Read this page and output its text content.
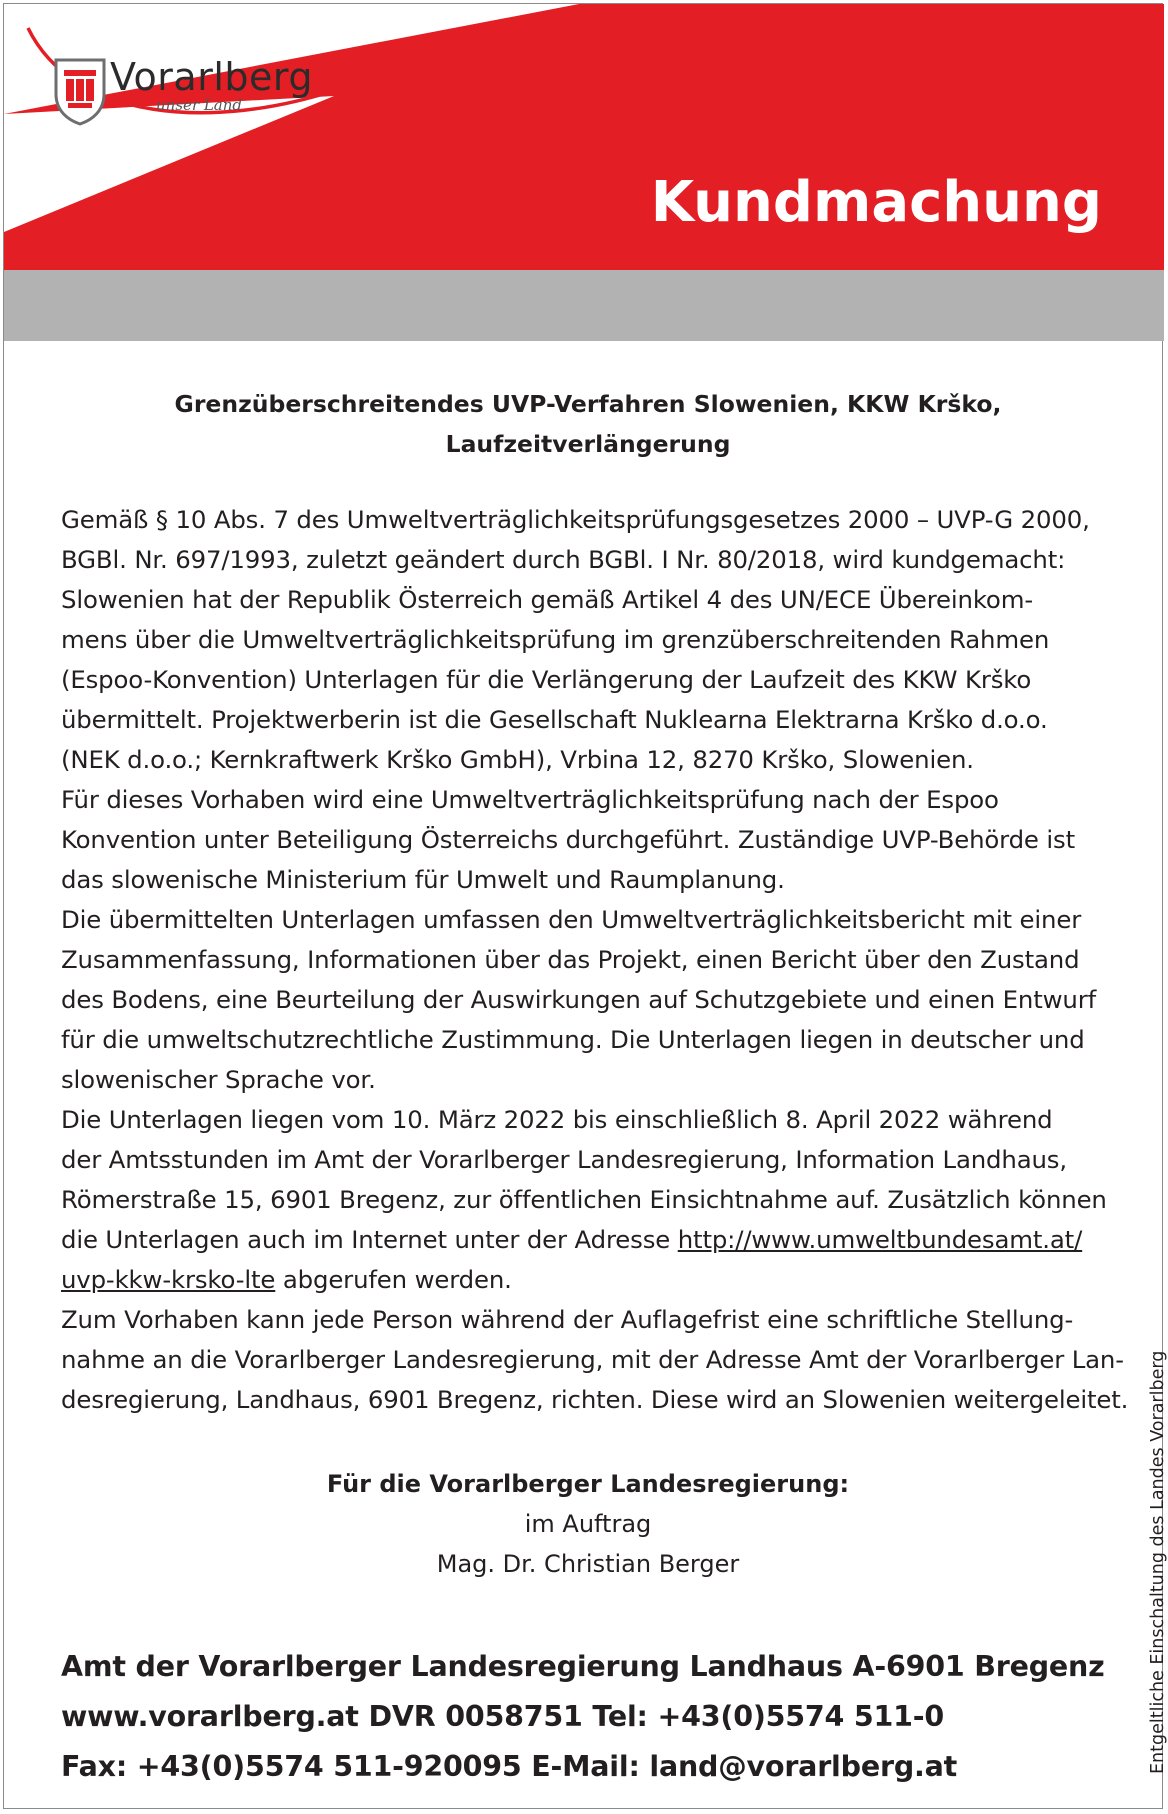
Vorarlberg
unser Land
Kundmachung
Grenzüberschreitendes UVP-Verfahren Slowenien, KKW Krško,
Laufzeitverlängerung
Gemäß § 10 Abs. 7 des Umweltverträglichkeitsprüfungsgesetzes 2000 – UVP-G 2000,
BGBl. Nr. 697/1993, zuletzt geändert durch BGBl. I Nr. 80/2018, wird kundgemacht:
Slowenien hat der Republik Österreich gemäß Artikel 4 des UN/ECE Übereinkom-
mens über die Umweltverträglichkeitsprüfung im grenzüberschreitenden Rahmen
(Espoo-Konvention) Unterlagen für die Verlängerung der Laufzeit des KKW Krško
übermittelt. Projektwerberin ist die Gesellschaft Nuklearna Elektrarna Krško d.o.o.
(NEK d.o.o.; Kernkraftwerk Krško GmbH), Vrbina 12, 8270 Krško, Slowenien.
Für dieses Vorhaben wird eine Umweltverträglichkeitsprüfung nach der Espoo
Konvention unter Beteiligung Österreichs durchgeführt. Zuständige UVP-Behörde ist
das slowenische Ministerium für Umwelt und Raumplanung.
Die übermittelten Unterlagen umfassen den Umweltverträglichkeitsbericht mit einer
Zusammenfassung, Informationen über das Projekt, einen Bericht über den Zustand
des Bodens, eine Beurteilung der Auswirkungen auf Schutzgebiete und einen Entwurf
für die umweltschutzrechtliche Zustimmung. Die Unterlagen liegen in deutscher und
slowenischer Sprache vor.
Die Unterlagen liegen vom 10. März 2022 bis einschließlich 8. April 2022 während
der Amtsstunden im Amt der Vorarlberger Landesregierung, Information Landhaus,
Römerstraße 15, 6901 Bregenz, zur öffentlichen Einsichtnahme auf. Zusätzlich können
die Unterlagen auch im Internet unter der Adresse http://www.umweltbundesamt.at/
uvp-kkw-krsko-lte abgerufen werden.
Zum Vorhaben kann jede Person während der Auflagefrist eine schriftliche Stellung-
nahme an die Vorarlberger Landesregierung, mit der Adresse Amt der Vorarlberger Lan-
desregierung, Landhaus, 6901 Bregenz, richten. Diese wird an Slowenien weitergeleitet.
Für die Vorarlberger Landesregierung:
im Auftrag
Mag. Dr. Christian Berger
Amt der Vorarlberger Landesregierung Landhaus A-6901 Bregenz
www.vorarlberg.at DVR 0058751 Tel: +43(0)5574 511-0
Fax: +43(0)5574 511-920095 E-Mail: land@vorarlberg.at	Entgeltliche Einschaltung des Landes Vorarlberg
